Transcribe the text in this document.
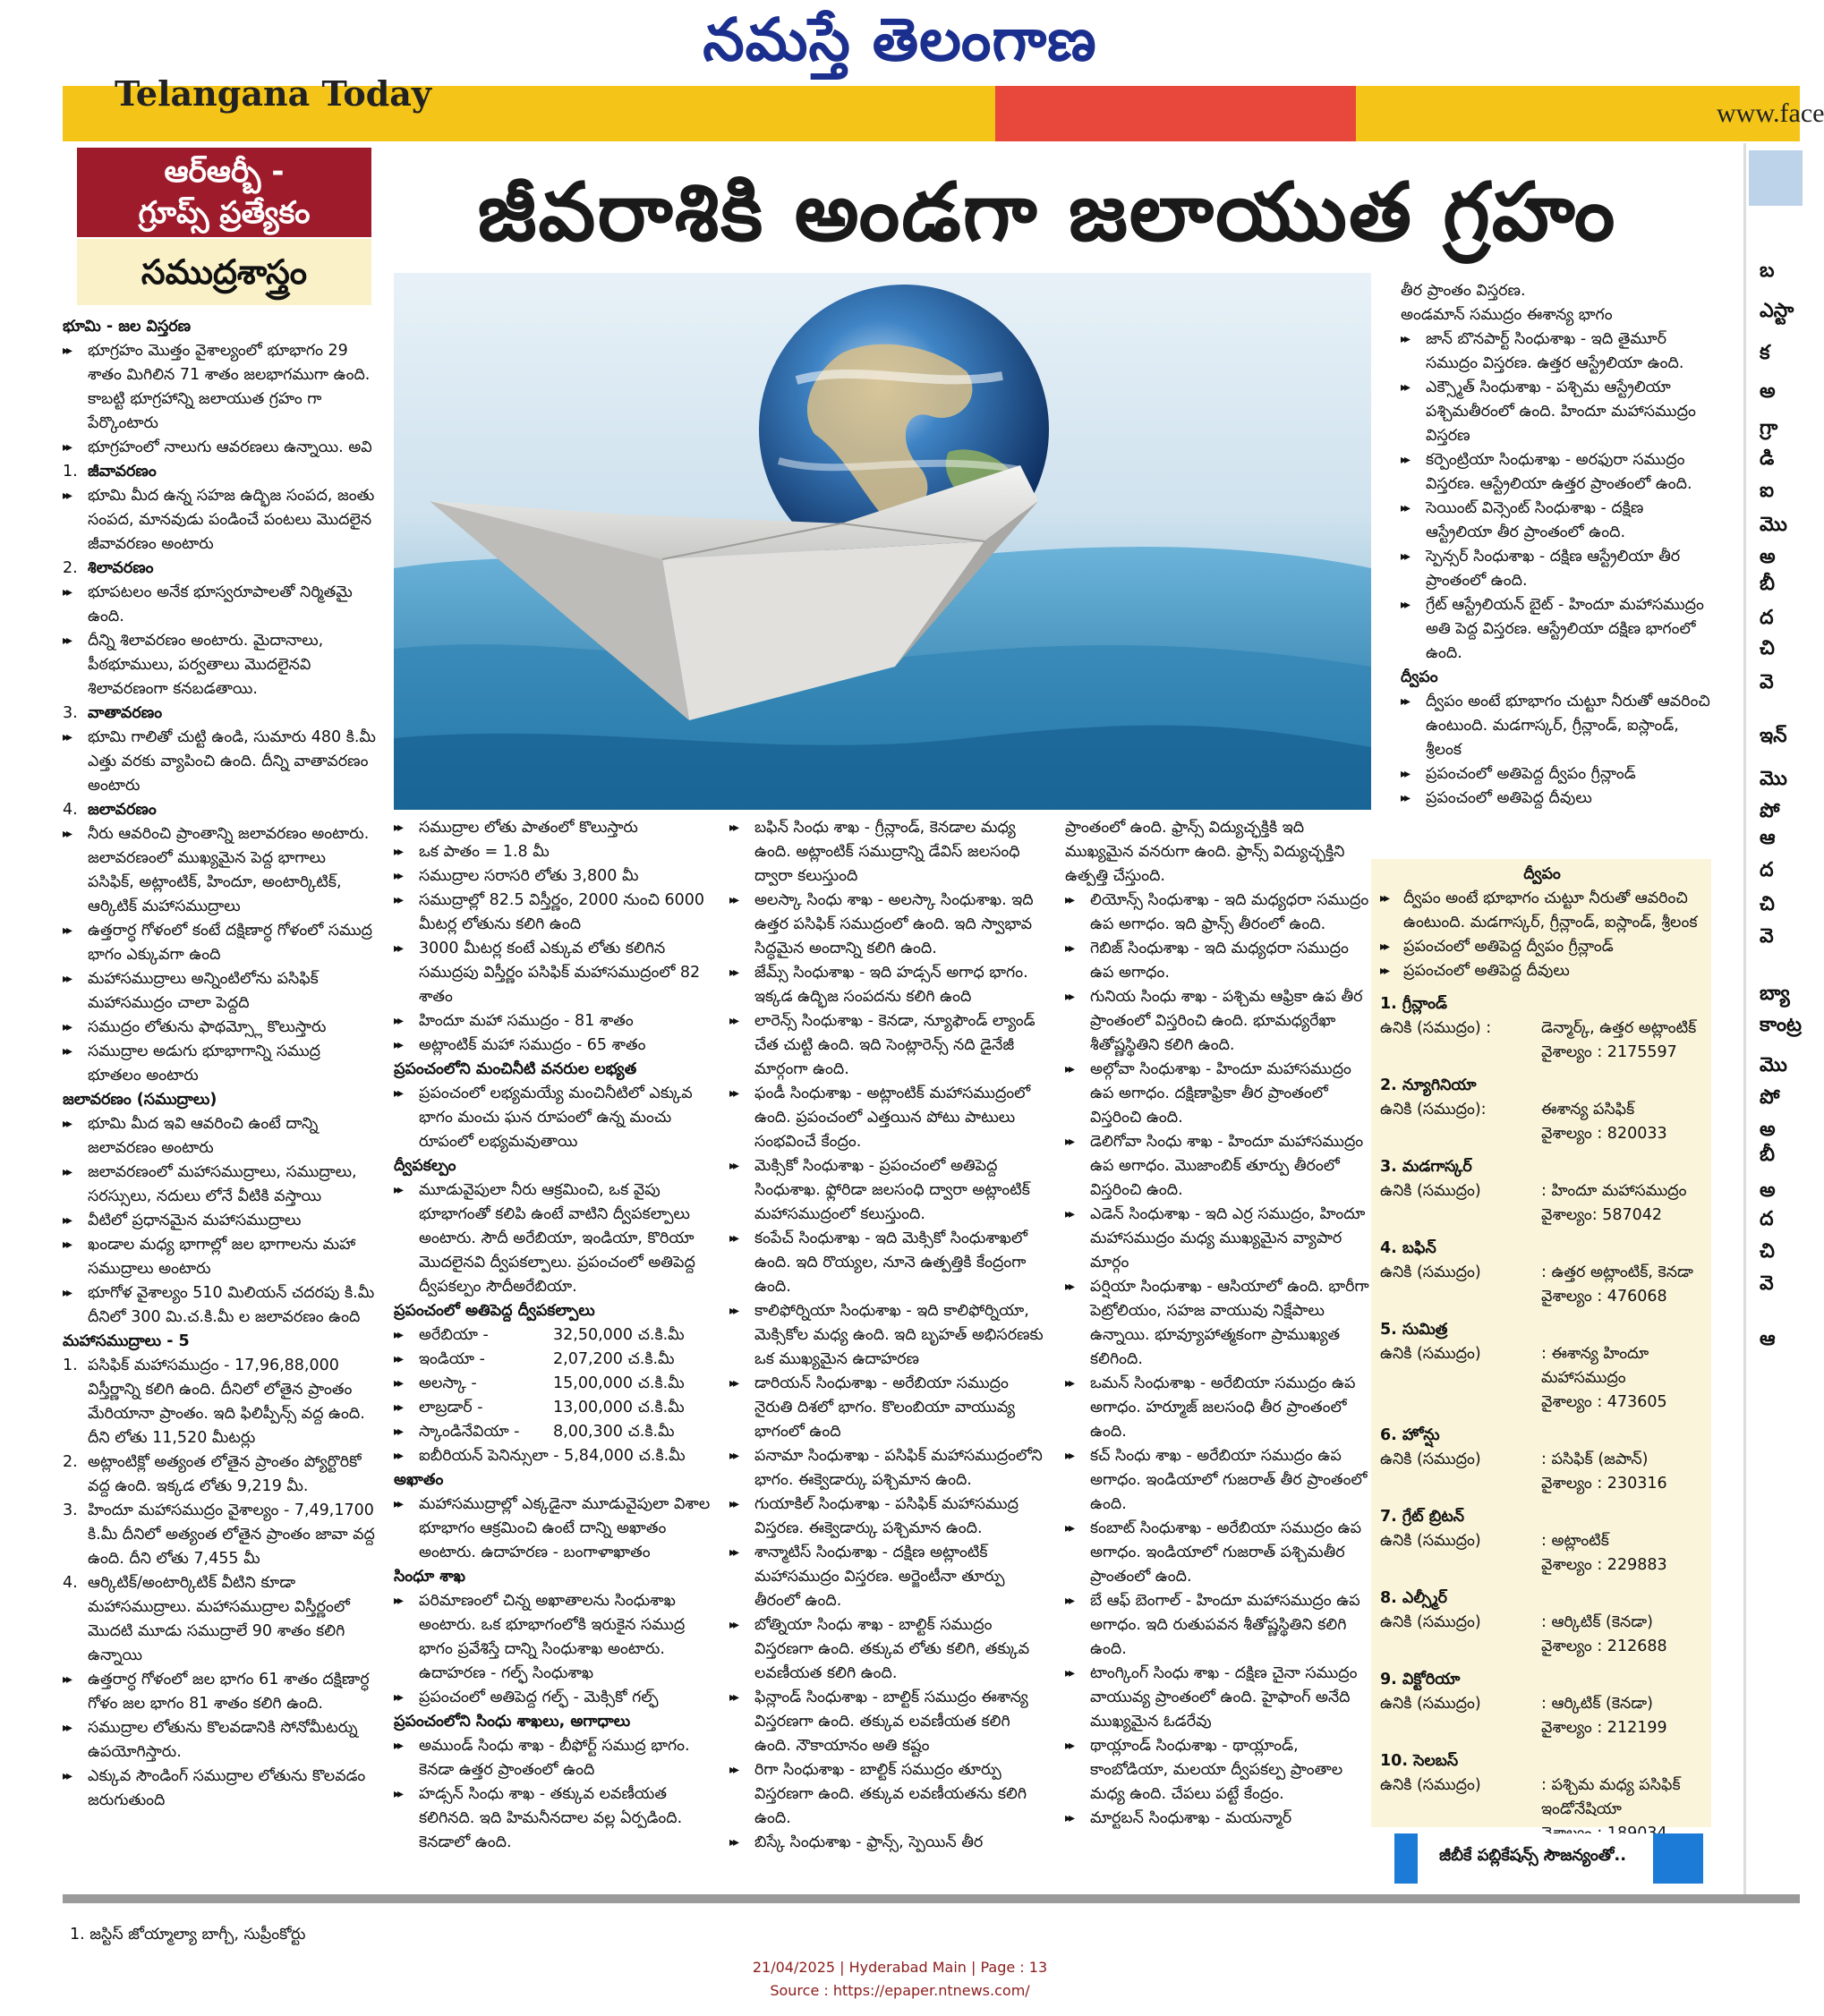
నమస్తే తెలంగాణ
Telangana Today	www.face
ఆర్ఆర్బీ -
గ్రూప్స్ ప్రత్యేకం
సముద్రశాస్త్రం
జీవరాశికి అండగా జలాయుత గ్రహం
భూమి - జల విస్తరణ
▸▸ భూగ్రహం మొత్తం వైశాల్యంలో భూభాగం 29 శాతం మిగిలిన 71 శాతం జలభాగముగా ఉంది. కాబట్టి భూగ్రహాన్ని జలాయుత గ్రహం గా పేర్కొంటారు
▸▸ భూగ్రహంలో నాలుగు ఆవరణలు ఉన్నాయి. అవి
1. జీవావరణం
▸▸ భూమి మీద ఉన్న సహజ ఉద్భిజ సంపద, జంతు సంపద, మానవుడు పండించే పంటలు మొదలైన జీవావరణం అంటారు
2. శిలావరణం
▸▸ భూపటలం అనేక భూస్వరూపాలతో నిర్మితమై ఉంది.
▸▸ దీన్ని శిలావరణం అంటారు. మైదానాలు, పీఠభూములు, పర్వతాలు మొదలైనవి శిలావరణంగా కనబడతాయి.
3. వాతావరణం
▸▸ భూమి గాలితో చుట్టి ఉండి, సుమారు 480 కి.మీ ఎత్తు వరకు వ్యాపించి ఉంది. దీన్ని వాతావరణం అంటారు
4. జలావరణం
▸▸ నీరు ఆవరించి ప్రాంతాన్ని జలావరణం అంటారు. జలావరణంలో ముఖ్యమైన పెద్ద భాగాలు పసిఫిక్, అట్లాంటిక్, హిందూ, అంటార్కిటిక్, ఆర్కిటిక్ మహాసముద్రాలు
▸▸ ఉత్తరార్ధ గోళంలో కంటే దక్షిణార్ధ గోళంలో సముద్ర భాగం ఎక్కువగా ఉంది
▸▸ మహాసముద్రాలు అన్నింటిలోను పసిఫిక్ మహాసముద్రం చాలా పెద్దది
▸▸ సముద్రం లోతును ఫాథమ్స్లో కొలుస్తారు
▸▸ సముద్రాల అడుగు భూభాగాన్ని సముద్ర భూతలం అంటారు
జలావరణం (సముద్రాలు)
▸▸ భూమి మీద ఇవి ఆవరించి ఉంటే దాన్ని జలావరణం అంటారు
▸▸ జలావరణంలో మహాసముద్రాలు, సముద్రాలు, సరస్సులు, నదులు లోనే వీటికి వస్తాయి
▸▸ వీటిలో ప్రధానమైన మహాసముద్రాలు
▸▸ ఖండాల మధ్య భాగాల్లో జల భాగాలను మహా సముద్రాలు అంటారు
▸▸ భూగోళ వైశాల్యం 510 మిలియన్ చదరపు కి.మీ దీనిలో 300 మి.చ.కి.మీ ల జలావరణం ఉంది
మహాసముద్రాలు - 5
1. పసిఫిక్ మహాసముద్రం - 17,96,88,000 విస్తీర్ణాన్ని కలిగి ఉంది. దీనిలో లోతైన ప్రాంతం మేరియానా ప్రాంతం. ఇది ఫిలిప్పీన్స్ వద్ద ఉంది. దీని లోతు 11,520 మీటర్లు
2. అట్లాంటిక్లో అత్యంత లోతైన ప్రాంతం ప్యోర్టొరికో వద్ద ఉంది. ఇక్కడ లోతు 9,219 మీ.
3. హిందూ మహాసముద్రం వైశాల్యం - 7,49,1700 కి.మీ దీనిలో అత్యంత లోతైన ప్రాంతం జావా వద్ద ఉంది. దీని లోతు 7,455 మీ
4. ఆర్కిటిక్/అంటార్కిటిక్ వీటిని కూడా మహాసముద్రాలు. మహాసముద్రాల విస్తీర్ణంలో మొదటి మూడు సముద్రాలే 90 శాతం కలిగి ఉన్నాయి
▸▸ ఉత్తరార్ధ గోళంలో జల భాగం 61 శాతం దక్షిణార్ధ గోళం జల భాగం 81 శాతం కలిగి ఉంది.
▸▸ సముద్రాల లోతును కొలవడానికి సోనోమీటర్ను ఉపయోగిస్తారు.
▸▸ ఎక్కువ సౌండింగ్ సముద్రాల లోతును కొలవడం జరుగుతుంది
▸▸ సముద్రాల లోతు పాతంలో కొలుస్తారు
▸▸ ఒక పాతం = 1.8 మీ
▸▸ సముద్రాల సరాసరి లోతు 3,800 మీ
▸▸ సముద్రాల్లో 82.5 విస్తీర్ణం, 2000 నుంచి 6000 మీటర్ల లోతును కలిగి ఉంది
▸▸ 3000 మీటర్ల కంటే ఎక్కువ లోతు కలిగిన సముద్రపు విస్తీర్ణం పసిఫిక్ మహాసముద్రంలో 82 శాతం
▸▸ హిందూ మహా సముద్రం - 81 శాతం
▸▸ అట్లాంటిక్ మహా సముద్రం - 65 శాతం
ప్రపంచంలోని మంచినీటి వనరుల లభ్యత
▸▸ ప్రపంచంలో లభ్యమయ్యే మంచినీటిలో ఎక్కువ భాగం మంచు ఘన రూపంలో ఉన్న మంచు రూపంలో లభ్యమవుతాయి
ద్వీపకల్పం
▸▸ మూడువైపులా నీరు ఆక్రమించి, ఒక వైపు భూభాగంతో కలిపి ఉంటే వాటిని ద్వీపకల్పాలు అంటారు. సౌదీ అరేబియా, ఇండియా, కొరియా మొదలైనవి ద్వీపకల్పాలు. ప్రపంచంలో అతిపెద్ద ద్వీపకల్పం సౌదీఅరేబియా.
ప్రపంచంలో అతిపెద్ద ద్వీపకల్పాలు
▸▸ అరేబియా -	32,50,000 చ.కి.మీ
▸▸ ఇండియా -	2,07,200 చ.కి.మీ
▸▸ అలస్కా -	15,00,000 చ.కి.మీ
▸▸ లాబ్రడార్ -	13,00,000 చ.కి.మీ
▸▸ స్కాండినేవియా -	8,00,300 చ.కి.మీ
▸▸ ఐబీరియన్ పెనిన్సులా - 5,84,000 చ.కి.మీ
అఖాతం
▸▸ మహాసముద్రాల్లో ఎక్కడైనా మూడువైపులా విశాల భూభాగం ఆక్రమించి ఉంటే దాన్ని అఖాతం అంటారు. ఉదాహరణ - బంగాళాఖాతం
సింధూ శాఖ
▸▸ పరిమాణంలో చిన్న అఖాతాలను సింధుశాఖ అంటారు. ఒక భూభాగంలోకి ఇరుకైన సముద్ర భాగం ప్రవేశిస్తే దాన్ని సింధుశాఖ అంటారు. ఉదాహరణ - గల్ఫ్ సింధుశాఖ
▸▸ ప్రపంచంలో అతిపెద్ద గల్ఫ్ - మెక్సికో గల్ఫ్
ప్రపంచంలోని సింధు శాఖలు, అగాధాలు
▸▸ అముండ్ సింధు శాఖ - బీఫోర్ట్ సముద్ర భాగం. కెనడా ఉత్తర ప్రాంతంలో ఉంది
▸▸ హడ్సన్ సింధు శాఖ - తక్కువ లవణీయత కలిగినది. ఇది హిమనీనదాల వల్ల ఏర్పడింది. కెనడాలో ఉంది.
▸▸ బఫిన్ సింధు శాఖ - గ్రీన్లాండ్, కెనడాల మధ్య ఉంది. అట్లాంటిక్ సముద్రాన్ని డేవిస్ జలసంధి ద్వారా కలుస్తుంది
▸▸ అలస్కా సింధు శాఖ - అలస్కా సింధుశాఖ. ఇది ఉత్తర పసిఫిక్ సముద్రంలో ఉంది. ఇది స్వాభావ సిద్ధమైన అందాన్ని కలిగి ఉంది.
▸▸ జేమ్స్ సింధుశాఖ - ఇది హడ్సన్ అగాధ భాగం. ఇక్కడ ఉద్భిజ సంపదను కలిగి ఉంది
▸▸ లారెన్స్ సింధుశాఖ - కెనడా, న్యూఫౌండ్ ల్యాండ్ చేత చుట్టి ఉంది. ఇది సెంట్లారెన్స్ నది డైనేజీ మార్గంగా ఉంది.
▸▸ ఫండీ సింధుశాఖ - అట్లాంటిక్ మహాసముద్రంలో ఉంది. ప్రపంచంలో ఎత్తయిన పోటు పాటులు సంభవించే కేంద్రం.
▸▸ మెక్సికో సింధుశాఖ - ప్రపంచంలో అతిపెద్ద సింధుశాఖ. ఫ్లోరిడా జలసంధి ద్వారా అట్లాంటిక్ మహాసముద్రంలో కలుస్తుంది.
▸▸ కంపేచ్ సింధుశాఖ - ఇది మెక్సికో సింధుశాఖలో ఉంది. ఇది రొయ్యల, నూనె ఉత్పత్తికి కేంద్రంగా ఉంది.
▸▸ కాలిఫోర్నియా సింధుశాఖ - ఇది కాలిఫోర్నియా, మెక్సికోల మధ్య ఉంది. ఇది బృహత్ అభిసరణకు ఒక ముఖ్యమైన ఉదాహరణ
▸▸ డారియన్ సింధుశాఖ - అరేబియా సముద్రం నైరుతి దిశలో భాగం. కొలంబియా వాయువ్య భాగంలో ఉంది
▸▸ పనామా సింధుశాఖ - పసిఫిక్ మహాసముద్రంలోని భాగం. ఈక్వెడార్కు పశ్చిమాన ఉంది.
▸▸ గుయాకిల్ సింధుశాఖ - పసిఫిక్ మహాసముద్ర విస్తరణ. ఈక్వెడార్కు పశ్చిమాన ఉంది.
▸▸ శాన్మాటిస్ సింధుశాఖ - దక్షిణ అట్లాంటిక్ మహాసముద్రం విస్తరణ. అర్జెంటీనా తూర్పు తీరంలో ఉంది.
▸▸ బోత్నియా సింధు శాఖ - బాల్టిక్ సముద్రం విస్తరణగా ఉంది. తక్కువ లోతు కలిగి, తక్కువ లవణీయత కలిగి ఉంది.
▸▸ ఫిన్లాండ్ సింధుశాఖ - బాల్టిక్ సముద్రం ఈశాన్య విస్తరణగా ఉంది. తక్కువ లవణీయత కలిగి ఉంది. నౌకాయానం అతి కష్టం
▸▸ రిగా సింధుశాఖ - బాల్టిక్ సముద్రం తూర్పు విస్తరణగా ఉంది. తక్కువ లవణీయతను కలిగి ఉంది.
▸▸ బిస్కే సింధుశాఖ - ఫ్రాన్స్, స్పెయిన్ తీర
ప్రాంతంలో ఉంది. ఫ్రాన్స్ విద్యుచ్ఛక్తికి ఇది ముఖ్యమైన వనరుగా ఉంది. ఫ్రాన్స్ విద్యుచ్ఛక్తిని ఉత్పత్తి చేస్తుంది.
▸▸ లియోన్స్ సింధుశాఖ - ఇది మధ్యధరా సముద్రం ఉప అగాధం. ఇది ఫ్రాన్స్ తీరంలో ఉంది.
▸▸ గెబిజ్ సింధుశాఖ - ఇది మధ్యధరా సముద్రం ఉప అగాధం.
▸▸ గునియ సింధు శాఖ - పశ్చిమ ఆఫ్రికా ఉప తీర ప్రాంతంలో విస్తరించి ఉంది. భూమధ్యరేఖా శీతోష్ణస్థితిని కలిగి ఉంది.
▸▸ అల్గోవా సింధుశాఖ - హిందూ మహాసముద్రం ఉప అగాధం. దక్షిణాఫ్రికా తీర ప్రాంతంలో విస్తరించి ఉంది.
▸▸ డెలిగోవా సింధు శాఖ - హిందూ మహాసముద్రం ఉప అగాధం. మొజాంబిక్ తూర్పు తీరంలో విస్తరించి ఉంది.
▸▸ ఎడెన్ సింధుశాఖ - ఇది ఎర్ర సముద్రం, హిందూ మహాసముద్రం మధ్య ముఖ్యమైన వ్యాపార మార్గం
▸▸ పర్షియా సింధుశాఖ - ఆసియాలో ఉంది. భారీగా పెట్రోలియం, సహజ వాయువు నిక్షేపాలు ఉన్నాయి. భూవ్యూహాత్మకంగా ప్రాముఖ్యత కలిగింది.
▸▸ ఒమన్ సింధుశాఖ - అరేబియా సముద్రం ఉప అగాధం. హర్మూజ్ జలసంధి తీర ప్రాంతంలో ఉంది.
▸▸ కచ్ సింధు శాఖ - అరేబియా సముద్రం ఉప అగాధం. ఇండియాలో గుజరాత్ తీర ప్రాంతంలో ఉంది.
▸▸ కంబాట్ సింధుశాఖ - అరేబియా సముద్రం ఉప అగాధం. ఇండియాలో గుజరాత్ పశ్చిమతీర ప్రాంతంలో ఉంది.
▸▸ బే ఆఫ్ బెంగాల్ - హిందూ మహాసముద్రం ఉప అగాధం. ఇది రుతుపవన శీతోష్ణస్థితిని కలిగి ఉంది.
▸▸ టాంగ్కింగ్ సింధు శాఖ - దక్షిణ చైనా సముద్రం వాయువ్య ప్రాంతంలో ఉంది. హైఫాంగ్ అనేది ముఖ్యమైన ఓడరేవు
▸▸ థాయ్లాండ్ సింధుశాఖ - థాయ్లాండ్, కాంబోడియా, మలయా ద్వీపకల్ప ప్రాంతాల మధ్య ఉంది. చేపలు పట్టే కేంద్రం.
▸▸ మార్టబన్ సింధుశాఖ - మయన్మార్
తీర ప్రాంతం విస్తరణ.
అండమాన్ సముద్రం ఈశాన్య భాగం
▸▸ జాన్ బొనపార్ట్ సింధుశాఖ - ఇది తైమూర్ సముద్రం విస్తరణ. ఉత్తర ఆస్ట్రేలియా ఉంది.
▸▸ ఎక్స్మౌత్ సింధుశాఖ - పశ్చిమ ఆస్ట్రేలియా పశ్చిమతీరంలో ఉంది. హిందూ మహాసముద్రం విస్తరణ
▸▸ కర్పెంట్రియా సింధుశాఖ - అరఫురా సముద్రం విస్తరణ. ఆస్ట్రేలియా ఉత్తర ప్రాంతంలో ఉంది.
▸▸ సెయింట్ విన్సెంట్ సింధుశాఖ - దక్షిణ ఆస్ట్రేలియా తీర ప్రాంతంలో ఉంది.
▸▸ స్పెన్సర్ సింధుశాఖ - దక్షిణ ఆస్ట్రేలియా తీర ప్రాంతంలో ఉంది.
▸▸ గ్రేట్ ఆస్ట్రేలియన్ బైట్ - హిందూ మహాసముద్రం అతి పెద్ద విస్తరణ. ఆస్ట్రేలియా దక్షిణ భాగంలో ఉంది.
ద్వీపం
▸▸ ద్వీపం అంటే భూభాగం చుట్టూ నీరుతో ఆవరించి ఉంటుంది. మడగాస్కర్, గ్రీన్లాండ్, ఐస్లాండ్, శ్రీలంక
▸▸ ప్రపంచంలో అతిపెద్ద ద్వీపం గ్రీన్లాండ్
▸▸ ప్రపంచంలో అతిపెద్ద దీవులు
ద్వీపం
▸▸ ద్వీపం అంటే భూభాగం చుట్టూ నీరుతో ఆవరించి ఉంటుంది. మడగాస్కర్, గ్రీన్లాండ్, ఐస్లాండ్, శ్రీలంక
▸▸ ప్రపంచంలో అతిపెద్ద ద్వీపం గ్రీన్లాండ్
▸▸ ప్రపంచంలో అతిపెద్ద దీవులు
1. గ్రీన్లాండ్
ఉనికి (సముద్రం) :	డెన్మార్క్, ఉత్తర అట్లాంటిక్
వైశాల్యం : 2175597
2. న్యూగినియా
ఉనికి (సముద్రం):	ఈశాన్య పసిఫిక్
వైశాల్యం : 820033
3. మడగాస్కర్
ఉనికి (సముద్రం)	: హిందూ మహాసముద్రం
వైశాల్యం: 587042
4. బఫిన్
ఉనికి (సముద్రం)	: ఉత్తర అట్లాంటిక్, కెనడా
వైశాల్యం : 476068
5. సుమిత్ర
ఉనికి (సముద్రం)	: ఈశాన్య హిందూ మహాసముద్రం
వైశాల్యం : 473605
6. హోన్షు
ఉనికి (సముద్రం)	: పసిఫిక్ (జపాన్)
వైశాల్యం : 230316
7. గ్రేట్ బ్రిటన్
ఉనికి (సముద్రం)	: అట్లాంటిక్
వైశాల్యం : 229883
8. ఎల్స్మీర్
ఉనికి (సముద్రం)	: ఆర్కిటిక్ (కెనడా)
వైశాల్యం : 212688
9. విక్టోరియా
ఉనికి (సముద్రం)	: ఆర్కిటిక్ (కెనడా)
వైశాల్యం : 212199
10. సెలబస్
ఉనికి (సముద్రం)	: పశ్చిమ మధ్య పసిఫిక్ ఇండోనేషియా
జీబీకే పబ్లికేషన్స్ సౌజన్యంతో..
బ
ఎస్టా
క
అ
గ్రా
డి
ఐ
మొ
అ
బీ
ద
చి
వె
ఇన్
మొ
పో
ఆ
ద
చి
వె
బ్యా
కాంట్ర
మొ
పో
అ
బీ
అ
ద
చి
వె
ఆ
1. జస్టిస్ జోయ్మాల్యా బాగ్చీ, సుప్రీంకోర్టు
21/04/2025 | Hyderabad Main | Page : 13
Source : https://epaper.ntnews.com/
